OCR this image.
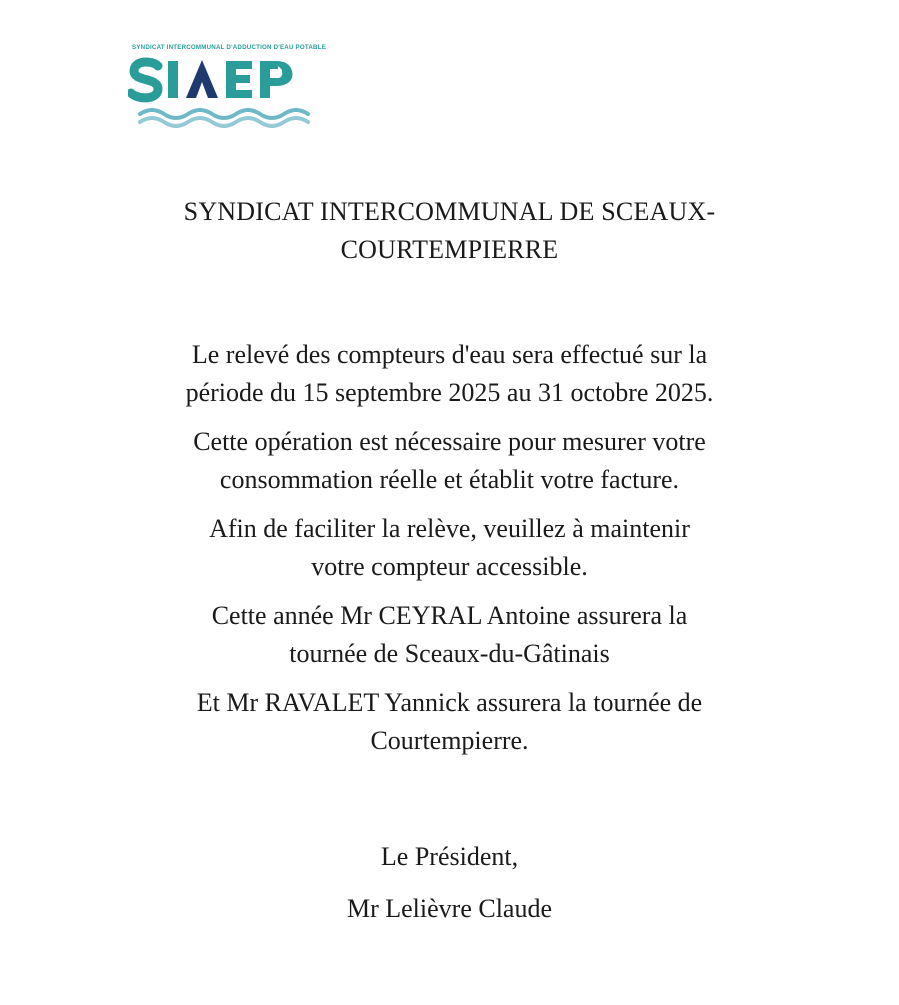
SYNDICAT INTERCOMMUNAL D'ADDUCTION D'EAU POTABLE
SYNDICAT INTERCOMMUNAL DE SCEAUX-
COURTEMPIERRE

Le relevé des compteurs d'eau sera effectué sur la
période du 15 septembre 2025 au 31 octobre 2025.

Cette opération est nécessaire pour mesurer votre
consommation réelle et établit votre facture.

Afin de faciliter la relève, veuillez à maintenir
votre compteur accessible.

Cette année Mr CEYRAL Antoine assurera la
tournée de Sceaux-du-Gâtinais

Et Mr RAVALET Yannick assurera la tournée de
Courtempierre.

Le Président,
Mr Lelièvre Claude
